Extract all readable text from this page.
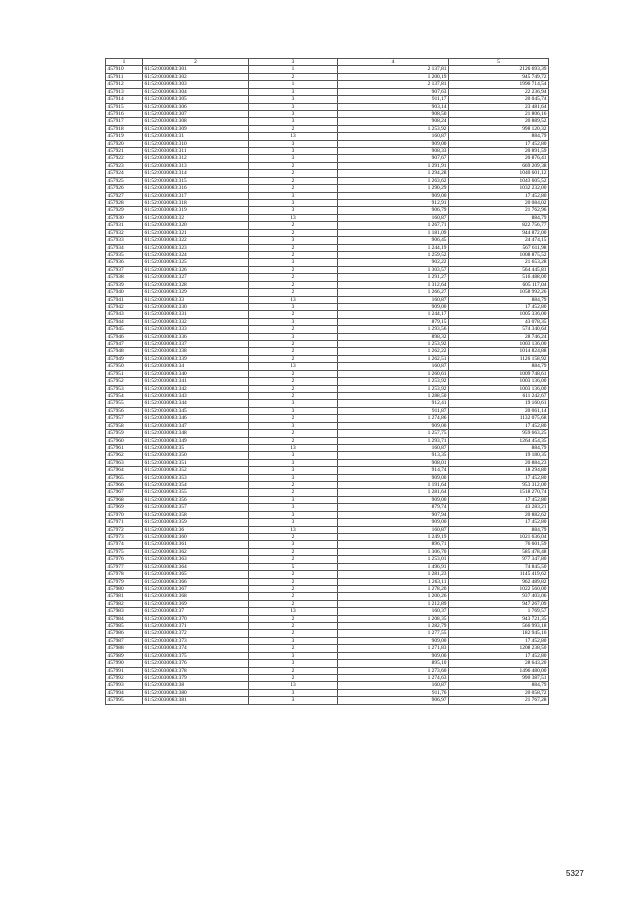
1	2	3	4	5
457910	61:52:0030083:301	1	2 137,81	2126 693,39
457911	61:52:0030083:302	2	1 200,19	945 749,72
457912	61:52:0030083:303	1	2 137,81	1996 714,54
457913	61:52:0030083:304	3	907,63	22 236,94
457914	61:52:0030083:305	3	911,17	20 045,74
457915	61:52:0030083:306	3	903,14	23 481,64
457916	61:52:0030083:307	3	908,50	21 806,16
457917	61:52:0030083:308	3	908,24	20 889,52
457918	61:52:0030083:309	2	1 253,92	998 120,32
457919	61:52:0030083:31	13	160,87	884,79
457920	61:52:0030083:310	3	909,00	17 452,80
457921	61:52:0030083:311	3	908,33	20 891,59
457922	61:52:0030083:312	3	907,67	20 876,41
457923	61:52:0030083:313	2	1 291,91	669 209,38
457924	61:52:0030083:314	2	1 294,28	1040 601,12
457925	61:52:0030083:315	2	1 263,62	1043 605,52
457926	61:52:0030083:316	2	1 290,29	1032 232,00
457927	61:52:0030083:317	3	909,00	17 452,80
457928	61:52:0030083:318	3	912,91	20 084,02
457929	61:52:0030083:319	3	906,79	21 762,96
457930	61:52:0030083:32	13	160,87	884,79
457931	61:52:0030083:320	2	1 267,71	822 756,77
457932	61:52:0030083:321	2	1 181,09	944 872,00
457933	61:52:0030083:322	3	906,45	24 474,15
457934	61:52:0030083:323	2	1 244,19	567 611,98
457935	61:52:0030083:324	2	1 259,52	1008 875,52
457936	61:52:0030083:325	3	902,22	21 653,28
457937	61:52:0030083:326	2	1 303,57	564 445,81
457938	61:52:0030083:327	2	1 291,27	516 488,00
457939	61:52:0030083:328	2	1 312,64	605 117,04
457940	61:52:0030083:329	2	1 266,27	1058 992,26
457941	61:52:0030083:33	13	160,87	884,79
457942	61:52:0030083:330	3	909,00	17 452,80
457943	61:52:0030083:331	2	1 244,17	1005 336,00
457944	61:52:0030083:332	3	879,15	43 078,35
457945	61:52:0030083:333	2	1 293,56	574 340,64
457946	61:52:0030083:336	3	898,32	28 746,24
457947	61:52:0030083:337	2	1 253,92	1003 136,00
457948	61:52:0030083:338	2	1 262,22	1014 824,88
457949	61:52:0030083:339	2	1 262,51	1126 158,92
457950	61:52:0030083:34	13	160,87	884,79
457951	61:52:0030083:340	2	1 260,61	1009 748,61
457952	61:52:0030083:341	2	1 253,92	1003 136,00
457953	61:52:0030083:342	2	1 253,92	1003 136,00
457954	61:52:0030083:343	2	1 288,50	611 242,67
457955	61:52:0030083:344	3	912,41	19 160,61
457956	61:52:0030083:345	3	911,87	20 061,14
457957	61:52:0030083:346	2	1 274,86	1132 075,68
457958	61:52:0030083:347	3	909,00	17 452,80
457959	61:52:0030083:348	2	1 257,75	959 663,25
457960	61:52:0030083:349	2	1 293,71	1264 454,35
457961	61:52:0030083:35	13	160,87	884,79
457962	61:52:0030083:350	3	913,35	19 180,35
457963	61:52:0030083:351	3	908,01	20 884,23
457964	61:52:0030083:352	3	914,74	18 294,80
457965	61:52:0030083:353	3	909,00	17 452,80
457966	61:52:0030083:354	2	1 191,64	953 312,00
457967	61:52:0030083:355	2	1 281,64	1518 270,74
457968	61:52:0030083:356	3	909,00	17 452,80
457969	61:52:0030083:357	3	879,74	43 283,21
457970	61:52:0030083:358	3	907,94	20 882,62
457971	61:52:0030083:359	3	909,00	17 452,80
457972	61:52:0030083:36	13	160,87	884,79
457973	61:52:0030083:360	2	1 249,19	1021 636,04
457974	61:52:0030083:361	3	896,71	76 601,59
457975	61:52:0030083:362	2	1 306,70	585 478,48
457976	61:52:0030083:363	2	1 253,01	977 347,80
457977	61:52:0030083:364	5	1 496,91	74 845,50
457978	61:52:0030083:365	2	1 281,23	1145 419,62
457979	61:52:0030083:366	2	1 263,11	962 489,82
457980	61:52:0030083:367	2	1 278,20	1022 560,00
457981	61:52:0030083:368	2	1 200,26	937 403,06
457982	61:52:0030083:369	2	1 212,89	947 267,09
457983	61:52:0030083:37	13	160,37	1 769,57
457984	61:52:0030083:370	2	1 208,35	943 721,35
457985	61:52:0030083:371	2	1 282,79	566 993,18
457986	61:52:0030083:372	2	1 277,55	182 945,16
457987	61:52:0030083:373	3	909,00	17 452,80
457988	61:52:0030083:374	2	1 271,83	1208 238,50
457989	61:52:0030083:375	3	909,00	17 452,80
457990	61:52:0030083:376	3	895,10	28 643,20
457991	61:52:0030083:378	2	1 273,60	1496 480,00
457992	61:52:0030083:379	2	1 274,63	990 387,51
457993	61:52:0030083:38	13	160,87	884,79
457994	61:52:0030083:380	3	911,76	20 058,72
457995	61:52:0030083:381	3	906,97	21 767,28
5327
